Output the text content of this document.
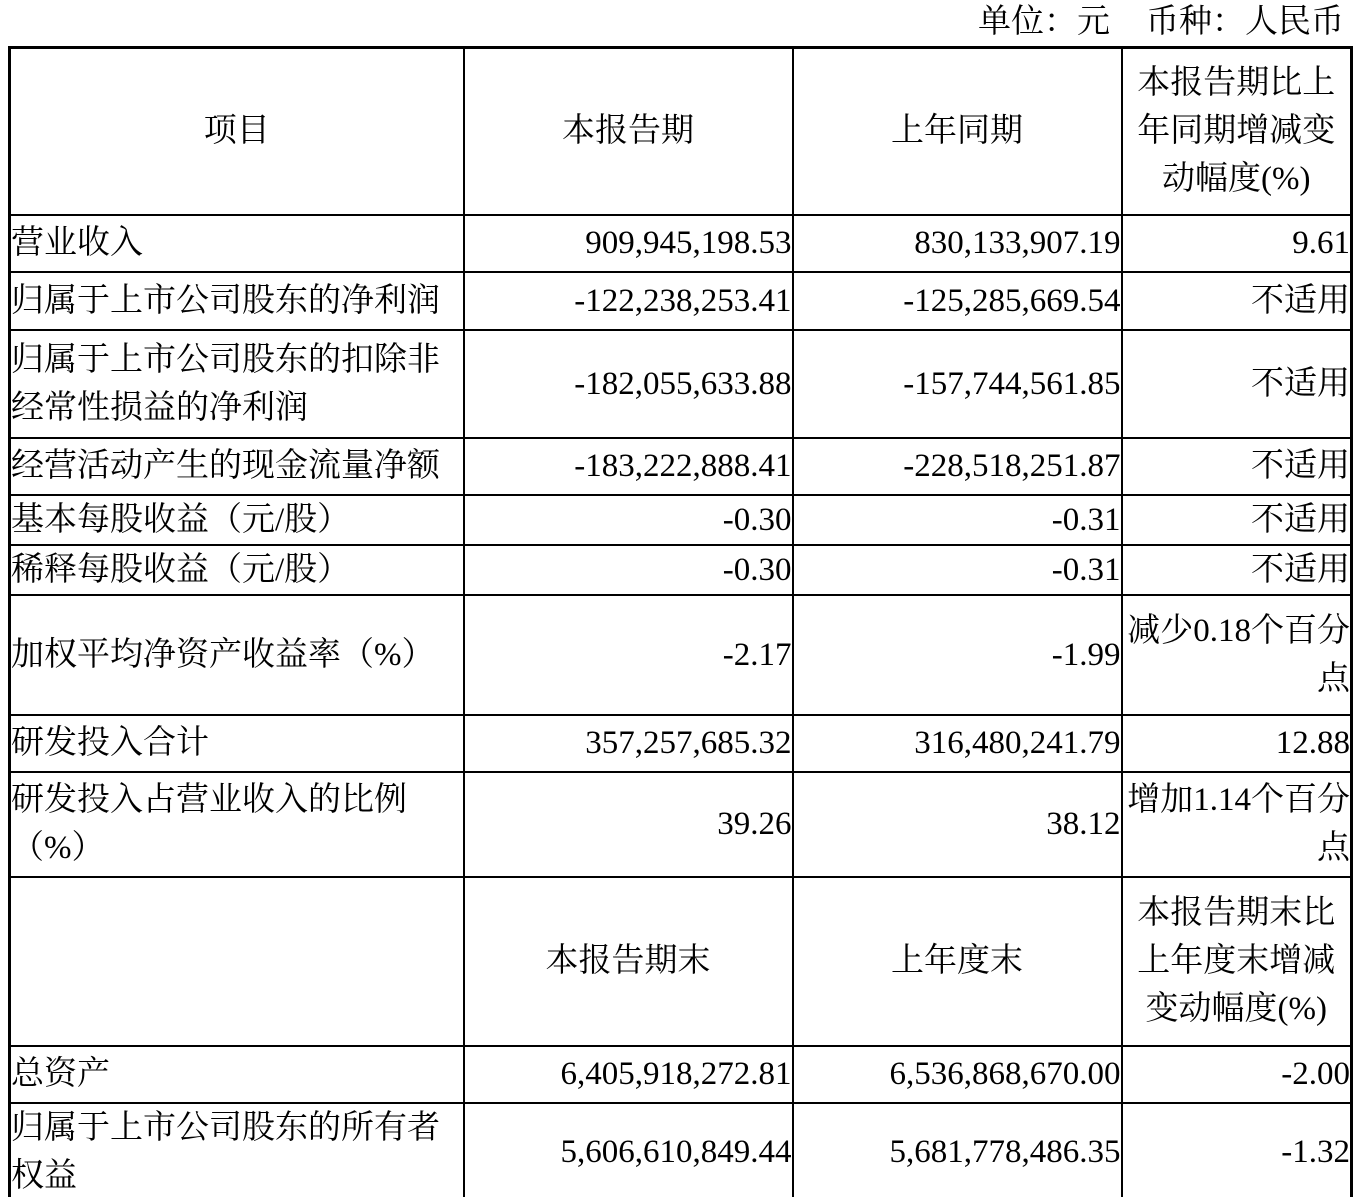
单位：元 币种：人民币
项目	本报告期	上年同期	本报告期比上年同期增减变动幅度(%)
营业收入	909,945,198.53	830,133,907.19	9.61
归属于上市公司股东的净利润	-122,238,253.41	-125,285,669.54	不适用
归属于上市公司股东的扣除非经常性损益的净利润	-182,055,633.88	-157,744,561.85	不适用
经营活动产生的现金流量净额	-183,222,888.41	-228,518,251.87	不适用
基本每股收益（元/股）	-0.30	-0.31	不适用
稀释每股收益（元/股）	-0.30	-0.31	不适用
加权平均净资产收益率（%）	-2.17	-1.99	减少0.18个百分点
研发投入合计	357,257,685.32	316,480,241.79	12.88
研发投入占营业收入的比例（%）	39.26	38.12	增加1.14个百分点
	本报告期末	上年度末	本报告期末比上年度末增减变动幅度(%)
总资产	6,405,918,272.81	6,536,868,670.00	-2.00
归属于上市公司股东的所有者权益	5,606,610,849.44	5,681,778,486.35	-1.32
